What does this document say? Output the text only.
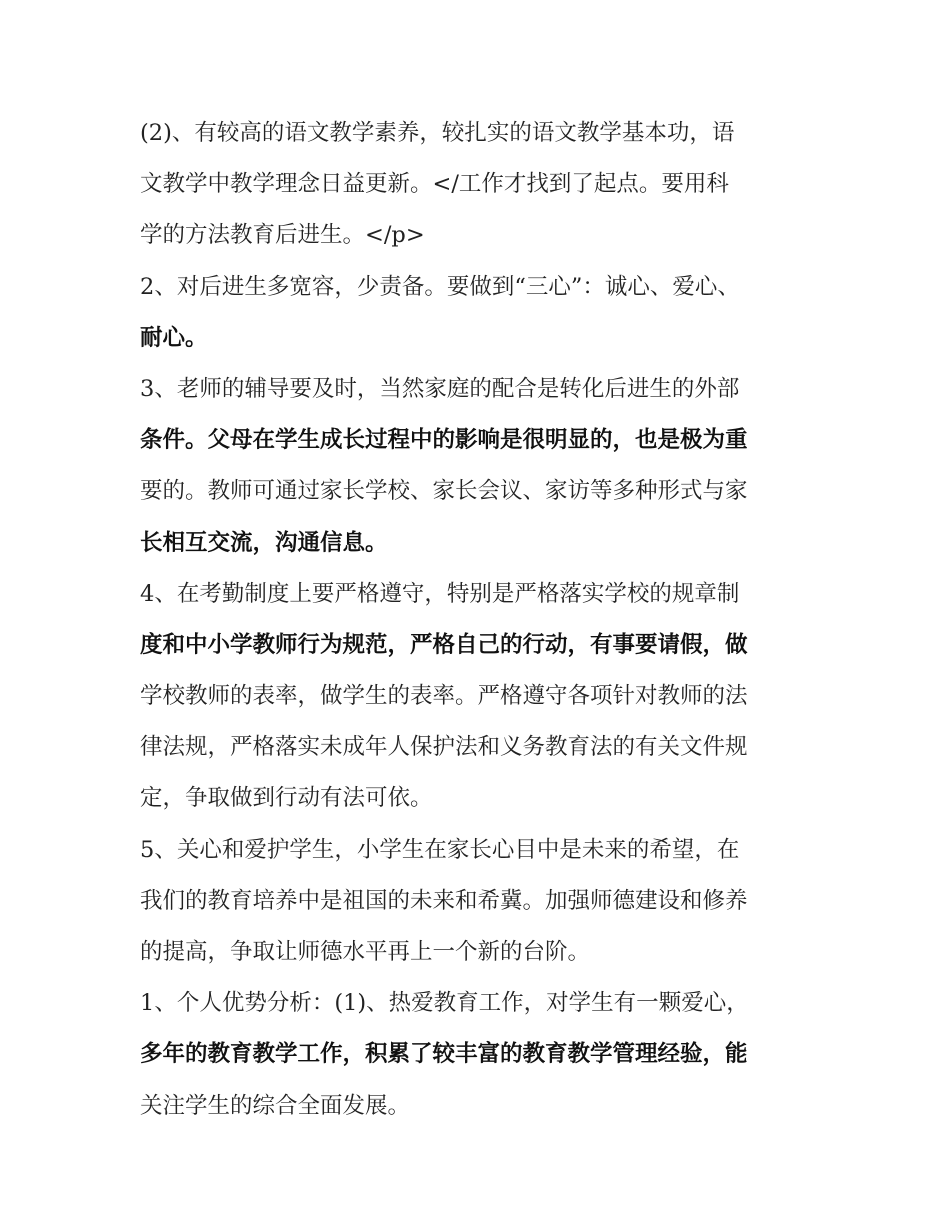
(2)、有较高的语文教学素养，较扎实的语文教学基本功，语

文教学中教学理念日益更新。</工作才找到了起点。要用科

学的方法教育后进生。</p>

2、对后进生多宽容，少责备。要做到“三心”：诚心、爱心、

耐心。

3、老师的辅导要及时，当然家庭的配合是转化后进生的外部

条件。父母在学生成长过程中的影响是很明显的，也是极为重

要的。教师可通过家长学校、家长会议、家访等多种形式与家

长相互交流，沟通信息。

4、在考勤制度上要严格遵守，特别是严格落实学校的规章制

度和中小学教师行为规范，严格自己的行动，有事要请假，做

学校教师的表率，做学生的表率。严格遵守各项针对教师的法

律法规，严格落实未成年人保护法和义务教育法的有关文件规

定，争取做到行动有法可依。

5、关心和爱护学生，小学生在家长心目中是未来的希望，在

我们的教育培养中是祖国的未来和希冀。加强师德建设和修养

的提高，争取让师德水平再上一个新的台阶。

1、个人优势分析：(1)、热爱教育工作，对学生有一颗爱心，

多年的教育教学工作，积累了较丰富的教育教学管理经验，能

关注学生的综合全面发展。
